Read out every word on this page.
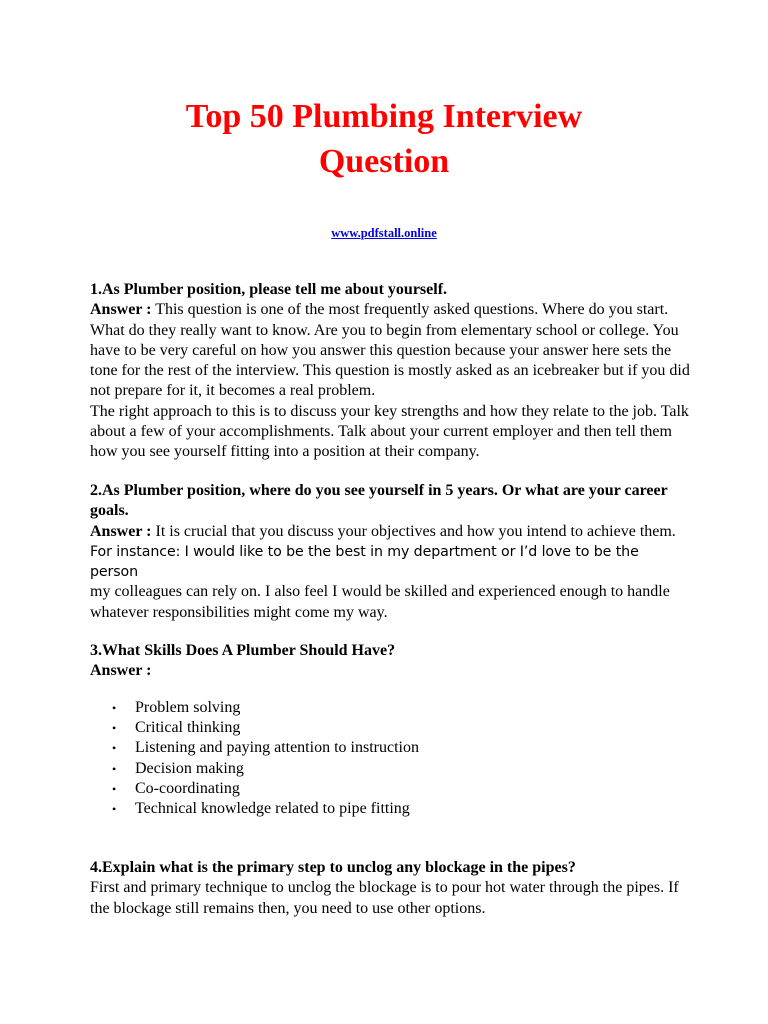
Top 50 Plumbing Interview
Question
www.pdfstall.online
1.As Plumber position, please tell me about yourself.
Answer : This question is one of the most frequently asked questions. Where do you start. What do they really want to know. Are you to begin from elementary school or college. You have to be very careful on how you answer this question because your answer here sets the tone for the rest of the interview. This question is mostly asked as an icebreaker but if you did not prepare for it, it becomes a real problem.
The right approach to this is to discuss your key strengths and how they relate to the job. Talk about a few of your accomplishments. Talk about your current employer and then tell them how you see yourself fitting into a position at their company.
2.As Plumber position, where do you see yourself in 5 years. Or what are your career goals.
Answer : It is crucial that you discuss your objectives and how you intend to achieve them.
For instance: I would like to be the best in my department or I’d love to be the person
my colleagues can rely on. I also feel I would be skilled and experienced enough to handle whatever responsibilities might come my way.
3.What Skills Does A Plumber Should Have?
Answer :
• Problem solving
• Critical thinking
• Listening and paying attention to instruction
• Decision making
• Co-coordinating
• Technical knowledge related to pipe fitting
4.Explain what is the primary step to unclog any blockage in the pipes?
First and primary technique to unclog the blockage is to pour hot water through the pipes. If the blockage still remains then, you need to use other options.
